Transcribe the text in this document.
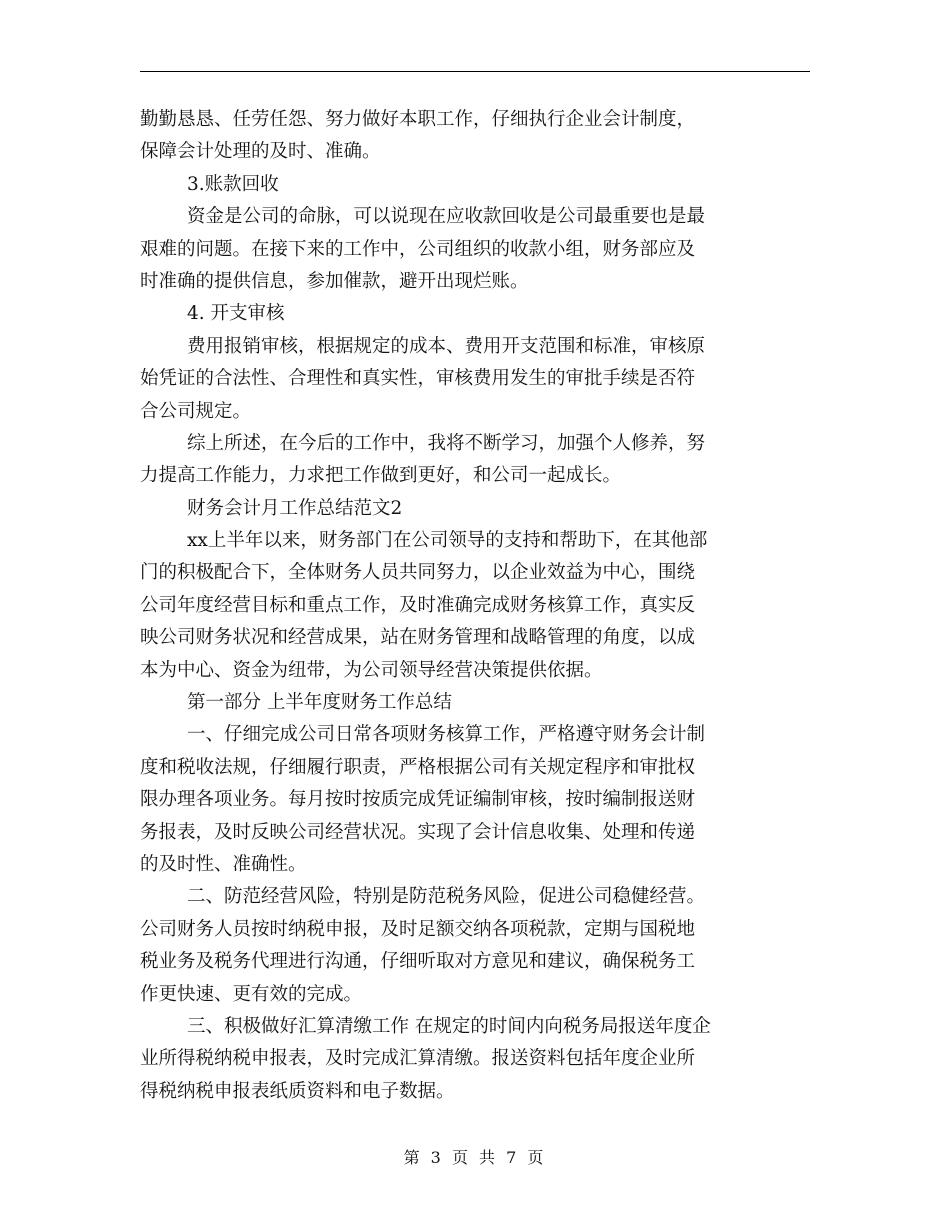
勤勤恳恳、任劳任怨、努力做好本职工作，仔细执行企业会计制度，
保障会计处理的及时、准确。
3.账款回收
资金是公司的命脉，可以说现在应收款回收是公司最重要也是最
艰难的问题。在接下来的工作中，公司组织的收款小组，财务部应及
时准确的提供信息，参加催款，避开出现烂账。
4. 开支审核
费用报销审核，根据规定的成本、费用开支范围和标准，审核原
始凭证的合法性、合理性和真实性，审核费用发生的审批手续是否符
合公司规定。
综上所述，在今后的工作中，我将不断学习，加强个人修养，努
力提高工作能力，力求把工作做到更好，和公司一起成长。
财务会计月工作总结范文2
xx上半年以来，财务部门在公司领导的支持和帮助下，在其他部
门的积极配合下，全体财务人员共同努力，以企业效益为中心，围绕
公司年度经营目标和重点工作，及时准确完成财务核算工作，真实反
映公司财务状况和经营成果，站在财务管理和战略管理的角度，以成
本为中心、资金为纽带，为公司领导经营决策提供依据。
第一部分 上半年度财务工作总结
一、仔细完成公司日常各项财务核算工作，严格遵守财务会计制
度和税收法规，仔细履行职责，严格根据公司有关规定程序和审批权
限办理各项业务。每月按时按质完成凭证编制审核，按时编制报送财
务报表，及时反映公司经营状况。实现了会计信息收集、处理和传递
的及时性、准确性。
二、防范经营风险，特别是防范税务风险，促进公司稳健经营。
公司财务人员按时纳税申报，及时足额交纳各项税款，定期与国税地
税业务及税务代理进行沟通，仔细听取对方意见和建议，确保税务工
作更快速、更有效的完成。
三、积极做好汇算清缴工作 在规定的时间内向税务局报送年度企
业所得税纳税申报表，及时完成汇算清缴。报送资料包括年度企业所
得税纳税申报表纸质资料和电子数据。
第 3 页 共 7 页
